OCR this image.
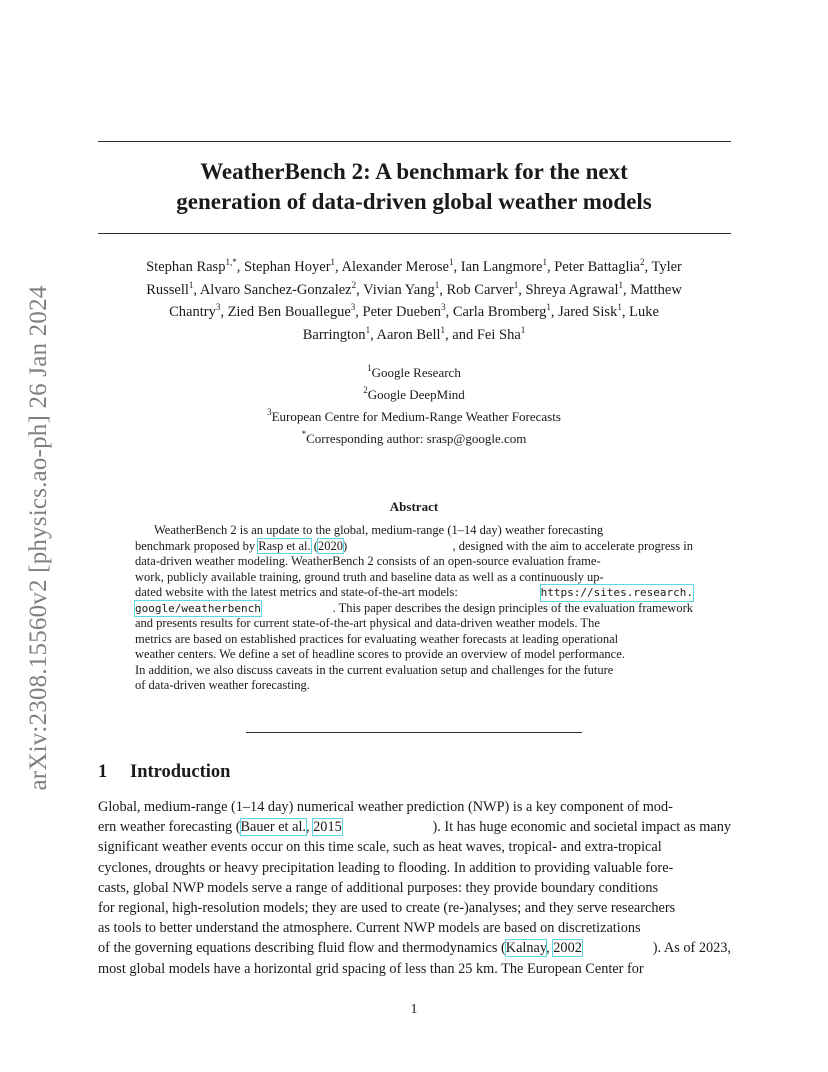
arXiv:2308.15560v2 [physics.ao-ph] 26 Jan 2024
WeatherBench 2: A benchmark for the next
generation of data-driven global weather models
Stephan Rasp$^{1,*}$, Stephan Hoyer$^1$, Alexander Merose$^1$, Ian Langmore$^1$, Peter Battaglia$^2$, Tyler
Russell$^1$, Alvaro Sanchez-Gonzalez$^2$, Vivian Yang$^1$, Rob Carver$^1$, Shreya Agrawal$^1$, Matthew
Chantry$^3$, Zied Ben Bouallegue$^3$, Peter Dueben$^3$, Carla Bromberg$^1$, Jared Sisk$^1$, Luke
Barrington$^1$, Aaron Bell$^1$, and Fei Sha$^1$
$^1$Google Research
$^2$Google DeepMind
$^3$European Centre for Medium-Range Weather Forecasts
*Corresponding author: srasp@google.com
Abstract
WeatherBench 2 is an update to the global, medium-range (1–14 day) weather forecasting
benchmark proposed by Rasp et al. (2020)	, designed with the aim to accelerate progress in
data-driven weather modeling. WeatherBench 2 consists of an open-source evaluation frame-
work, publicly available training, ground truth and baseline data as well as a continuously up-
dated website with the latest metrics and state-of-the-art models:	https://sites.research.
google/weatherbench	. This paper describes the design principles of the evaluation framework
and presents results for current state-of-the-art physical and data-driven weather models. The
metrics are based on established practices for evaluating weather forecasts at leading operational
weather centers. We define a set of headline scores to provide an overview of model performance.
In addition, we also discuss caveats in the current evaluation setup and challenges for the future
of data-driven weather forecasting.
1 Introduction
Global, medium-range (1–14 day) numerical weather prediction (NWP) is a key component of mod-
ern weather forecasting (Bauer et al., 2015	). It has huge economic and societal impact as many
significant weather events occur on this time scale, such as heat waves, tropical- and extra-tropical
cyclones, droughts or heavy precipitation leading to flooding. In addition to providing valuable fore-
casts, global NWP models serve a range of additional purposes: they provide boundary conditions
for regional, high-resolution models; they are used to create (re-)analyses; and they serve researchers
as tools to better understand the atmosphere. Current NWP models are based on discretizations
of the governing equations describing fluid flow and thermodynamics (Kalnay, 2002	). As of 2023,
most global models have a horizontal grid spacing of less than 25 km. The European Center for
1
